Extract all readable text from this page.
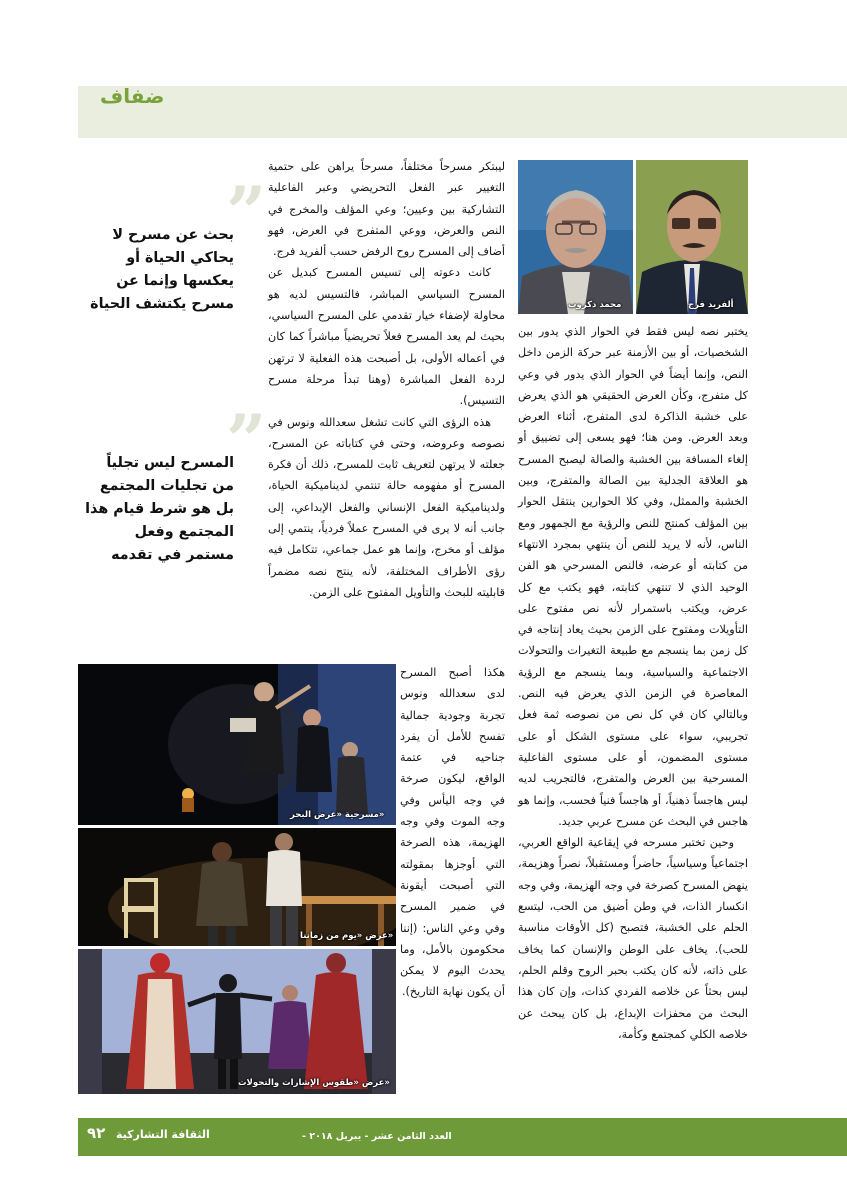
ضفاف
ألفريد فرج
محمد دكروب
مسرحية «عرض البحر»
عرض «يوم من زماننا»
عرض «طقوس الإشارات والتحولات»
”
بحث عن مسرح لا يحاكي الحياة أو يعكسها وإنما عن مسرح يكتشف الحياة
”
المسرح ليس تجلياً من تجليات المجتمع بل هو شرط قيام هذا المجتمع وفعل مستمر في تقدمه

يختبر نصه ليس فقط في الحوار الذي يدور بين الشخصيات، أو بين الأزمنة عبر حركة الزمن داخل النص، وإنما أيضاً في الحوار الذي يدور في وعي كل متفرج، وكأن العرض الحقيقي هو الذي يعرض على خشبة الذاكرة لدى المتفرج، أثناء العرض وبعد العرض. ومن هنا؛ فهو يسعى إلى تضييق أو إلغاء المسافة بين الخشبة والصالة ليصبح المسرح هو العلاقة الجدلية بين الصالة والمتفرج، وبين الخشبة والممثل، وفي كلا الحوارين ينتقل الحوار بين المؤلف كمنتج للنص والرؤية مع الجمهور ومع الناس، لأنه لا يريد للنص أن ينتهي بمجرد الانتهاء من كتابته أو عرضه، فالنص المسرحي هو الفن الوحيد الذي لا تنتهي كتابته، فهو يكتب مع كل عرض، ويكتب باستمرار لأنه نص مفتوح على التأويلات ومفتوح على الزمن بحيث يعاد إنتاجه في كل زمن بما ينسجم مع طبيعة التغيرات والتحولات الاجتماعية والسياسية، وبما ينسجم مع الرؤية المعاصرة في الزمن الذي يعرض فيه النص. وبالتالي كان في كل نص من نصوصه ثمة فعل تجريبي، سواء على مستوى الشكل أو على مستوى المضمون، أو على مستوى الفاعلية المسرحية بين العرض والمتفرج، فالتجريب لديه ليس هاجساً ذهنياً، أو هاجساً فنياً فحسب، وإنما هو هاجس في البحث عن مسرح عربي جديد.

وحين تختبر مسرحه في إيقاعية الواقع العربي، اجتماعياً وسياسياً، حاضراً ومستقبلاً، نصراً وهزيمة، ينهض المسرح كصرخة في وجه الهزيمة، وفي وجه انكسار الذات، في وطن أضيق من الحب، ليتسع الحلم على الخشبة، فتصبح (كل الأوقات مناسبة للحب). يخاف على الوطن والإنسان كما يخاف على ذاته، لأنه كان يكتب بحبر الروح وقلم الحلم، ليس بحثاً عن خلاصه الفردي كذات، وإن كان هذا البحث من محفزات الإبداع، بل كان يبحث عن خلاصه الكلي كمجتمع وكأمة،

ليبتكر مسرحاً مختلفاً، مسرحاً يراهن على حتمية التغيير عبر الفعل التحريضي وعبر الفاعلية التشاركية بين وعيين؛ وعي المؤلف والمخرج في النص والعرض، ووعي المتفرج في العرض، فهو أضاف إلى المسرح روح الرفض حسب ألفريد فرج.

كانت دعوته إلى تسيس المسرح كبديل عن المسرح السياسي المباشر، فالتسيس لديه هو محاولة لإضفاء خيار تقدمي على المسرح السياسي، بحيث لم يعد المسرح فعلاً تحريضياً مباشراً كما كان في أعماله الأولى، بل أصبحت هذه الفعلية لا ترتهن لردة الفعل المباشرة (وهنا تبدأ مرحلة مسرح التسيس).

هذه الرؤى التي كانت تشغل سعدالله ونوس في نصوصه وعروضه، وحتى في كتاباته عن المسرح، جعلته لا يرتهن لتعريف ثابت للمسرح، ذلك أن فكرة المسرح أو مفهومه حالة تنتمي لديناميكية الحياة، ولديناميكية الفعل الإنساني والفعل الإبداعي، إلى جانب أنه لا يرى في المسرح عملاً فردياً، ينتمي إلى مؤلف أو مخرج، وإنما هو عمل جماعي، تتكامل فيه رؤى الأطراف المختلفة، لأنه ينتج نصه مضمراً قابليته للبحث والتأويل المفتوح على الزمن.

هكذا أصبح المسرح لدى سعدالله ونوس تجربة وجودية جمالية تفسح للأمل أن يفرد جناحيه في عتمة الواقع، ليكون صرخة في وجه اليأس وفي وجه الموت وفي وجه الهزيمة، هذه الصرخة التي أوجزها بمقولته التي أصبحت أيقونة في ضمير المسرح وفي وعي الناس: (إننا محكومون بالأمل، وما يحدث اليوم لا يمكن أن يكون نهاية التاريخ).

العدد الثامن عشر - يبريل ٢٠١٨ -
الثقافة التشاركية
٩٢
